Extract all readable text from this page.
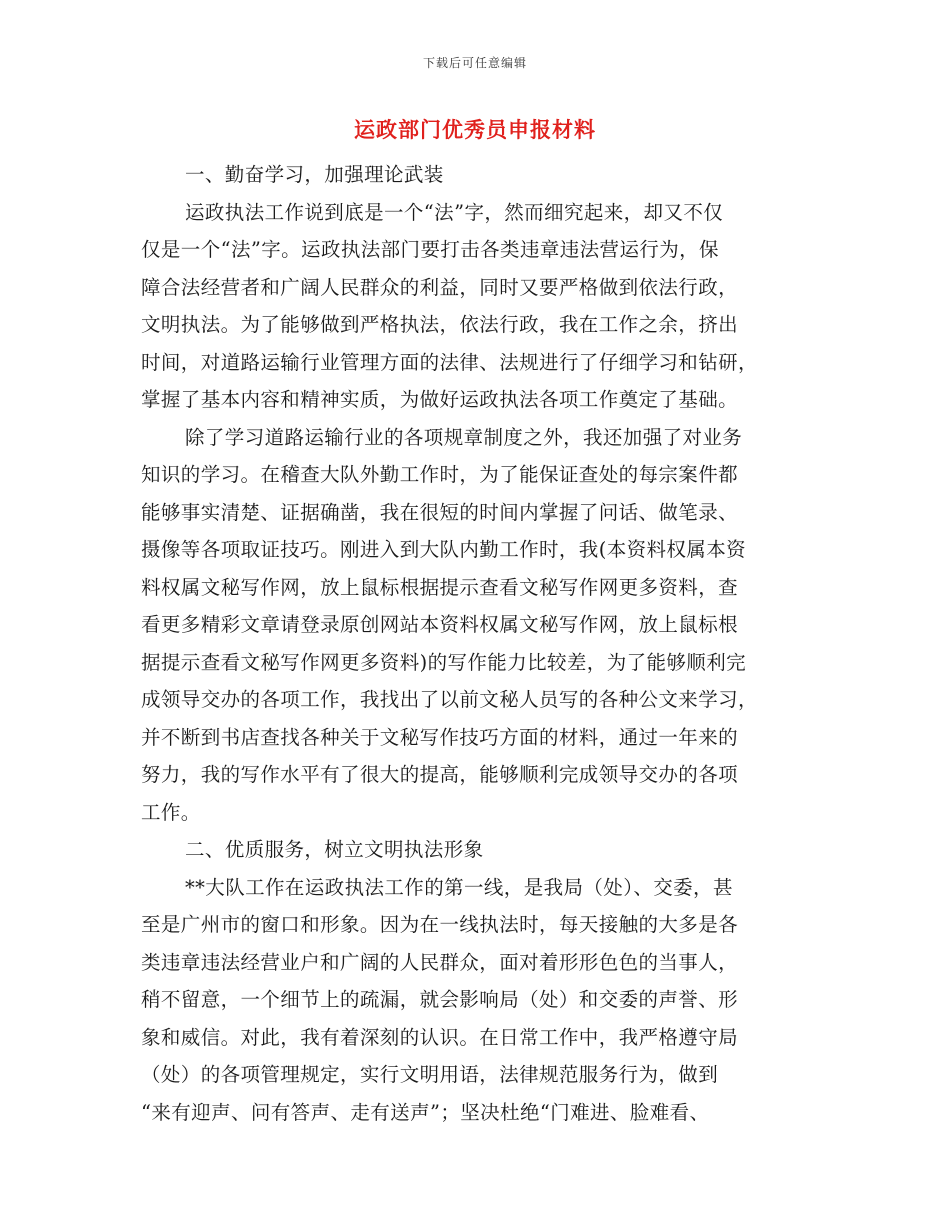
下载后可任意编辑
运政部门优秀员申报材料
一、勤奋学习，加强理论武装
运政执法工作说到底是一个“法”字，然而细究起来，却又不仅
仅是一个“法”字。运政执法部门要打击各类违章违法营运行为，保
障合法经营者和广阔人民群众的利益，同时又要严格做到依法行政，
文明执法。为了能够做到严格执法，依法行政，我在工作之余，挤出
时间，对道路运输行业管理方面的法律、法规进行了仔细学习和钻研，
掌握了基本内容和精神实质，为做好运政执法各项工作奠定了基础。
除了学习道路运输行业的各项规章制度之外，我还加强了对业务
知识的学习。在稽查大队外勤工作时，为了能保证查处的每宗案件都
能够事实清楚、证据确凿，我在很短的时间内掌握了问话、做笔录、
摄像等各项取证技巧。刚进入到大队内勤工作时，我(本资料权属本资
料权属文秘写作网，放上鼠标根据提示查看文秘写作网更多资料，查
看更多精彩文章请登录原创网站本资料权属文秘写作网，放上鼠标根
据提示查看文秘写作网更多资料)的写作能力比较差，为了能够顺利完
成领导交办的各项工作，我找出了以前文秘人员写的各种公文来学习，
并不断到书店查找各种关于文秘写作技巧方面的材料，通过一年来的
努力，我的写作水平有了很大的提高，能够顺利完成领导交办的各项
工作。
二、优质服务，树立文明执法形象
**大队工作在运政执法工作的第一线，是我局（处）、交委，甚
至是广州市的窗口和形象。因为在一线执法时，每天接触的大多是各
类违章违法经营业户和广阔的人民群众，面对着形形色色的当事人，
稍不留意，一个细节上的疏漏，就会影响局（处）和交委的声誉、形
象和威信。对此，我有着深刻的认识。在日常工作中，我严格遵守局
（处）的各项管理规定，实行文明用语，法律规范服务行为，做到
“来有迎声、问有答声、走有送声”；坚决杜绝“门难进、脸难看、
